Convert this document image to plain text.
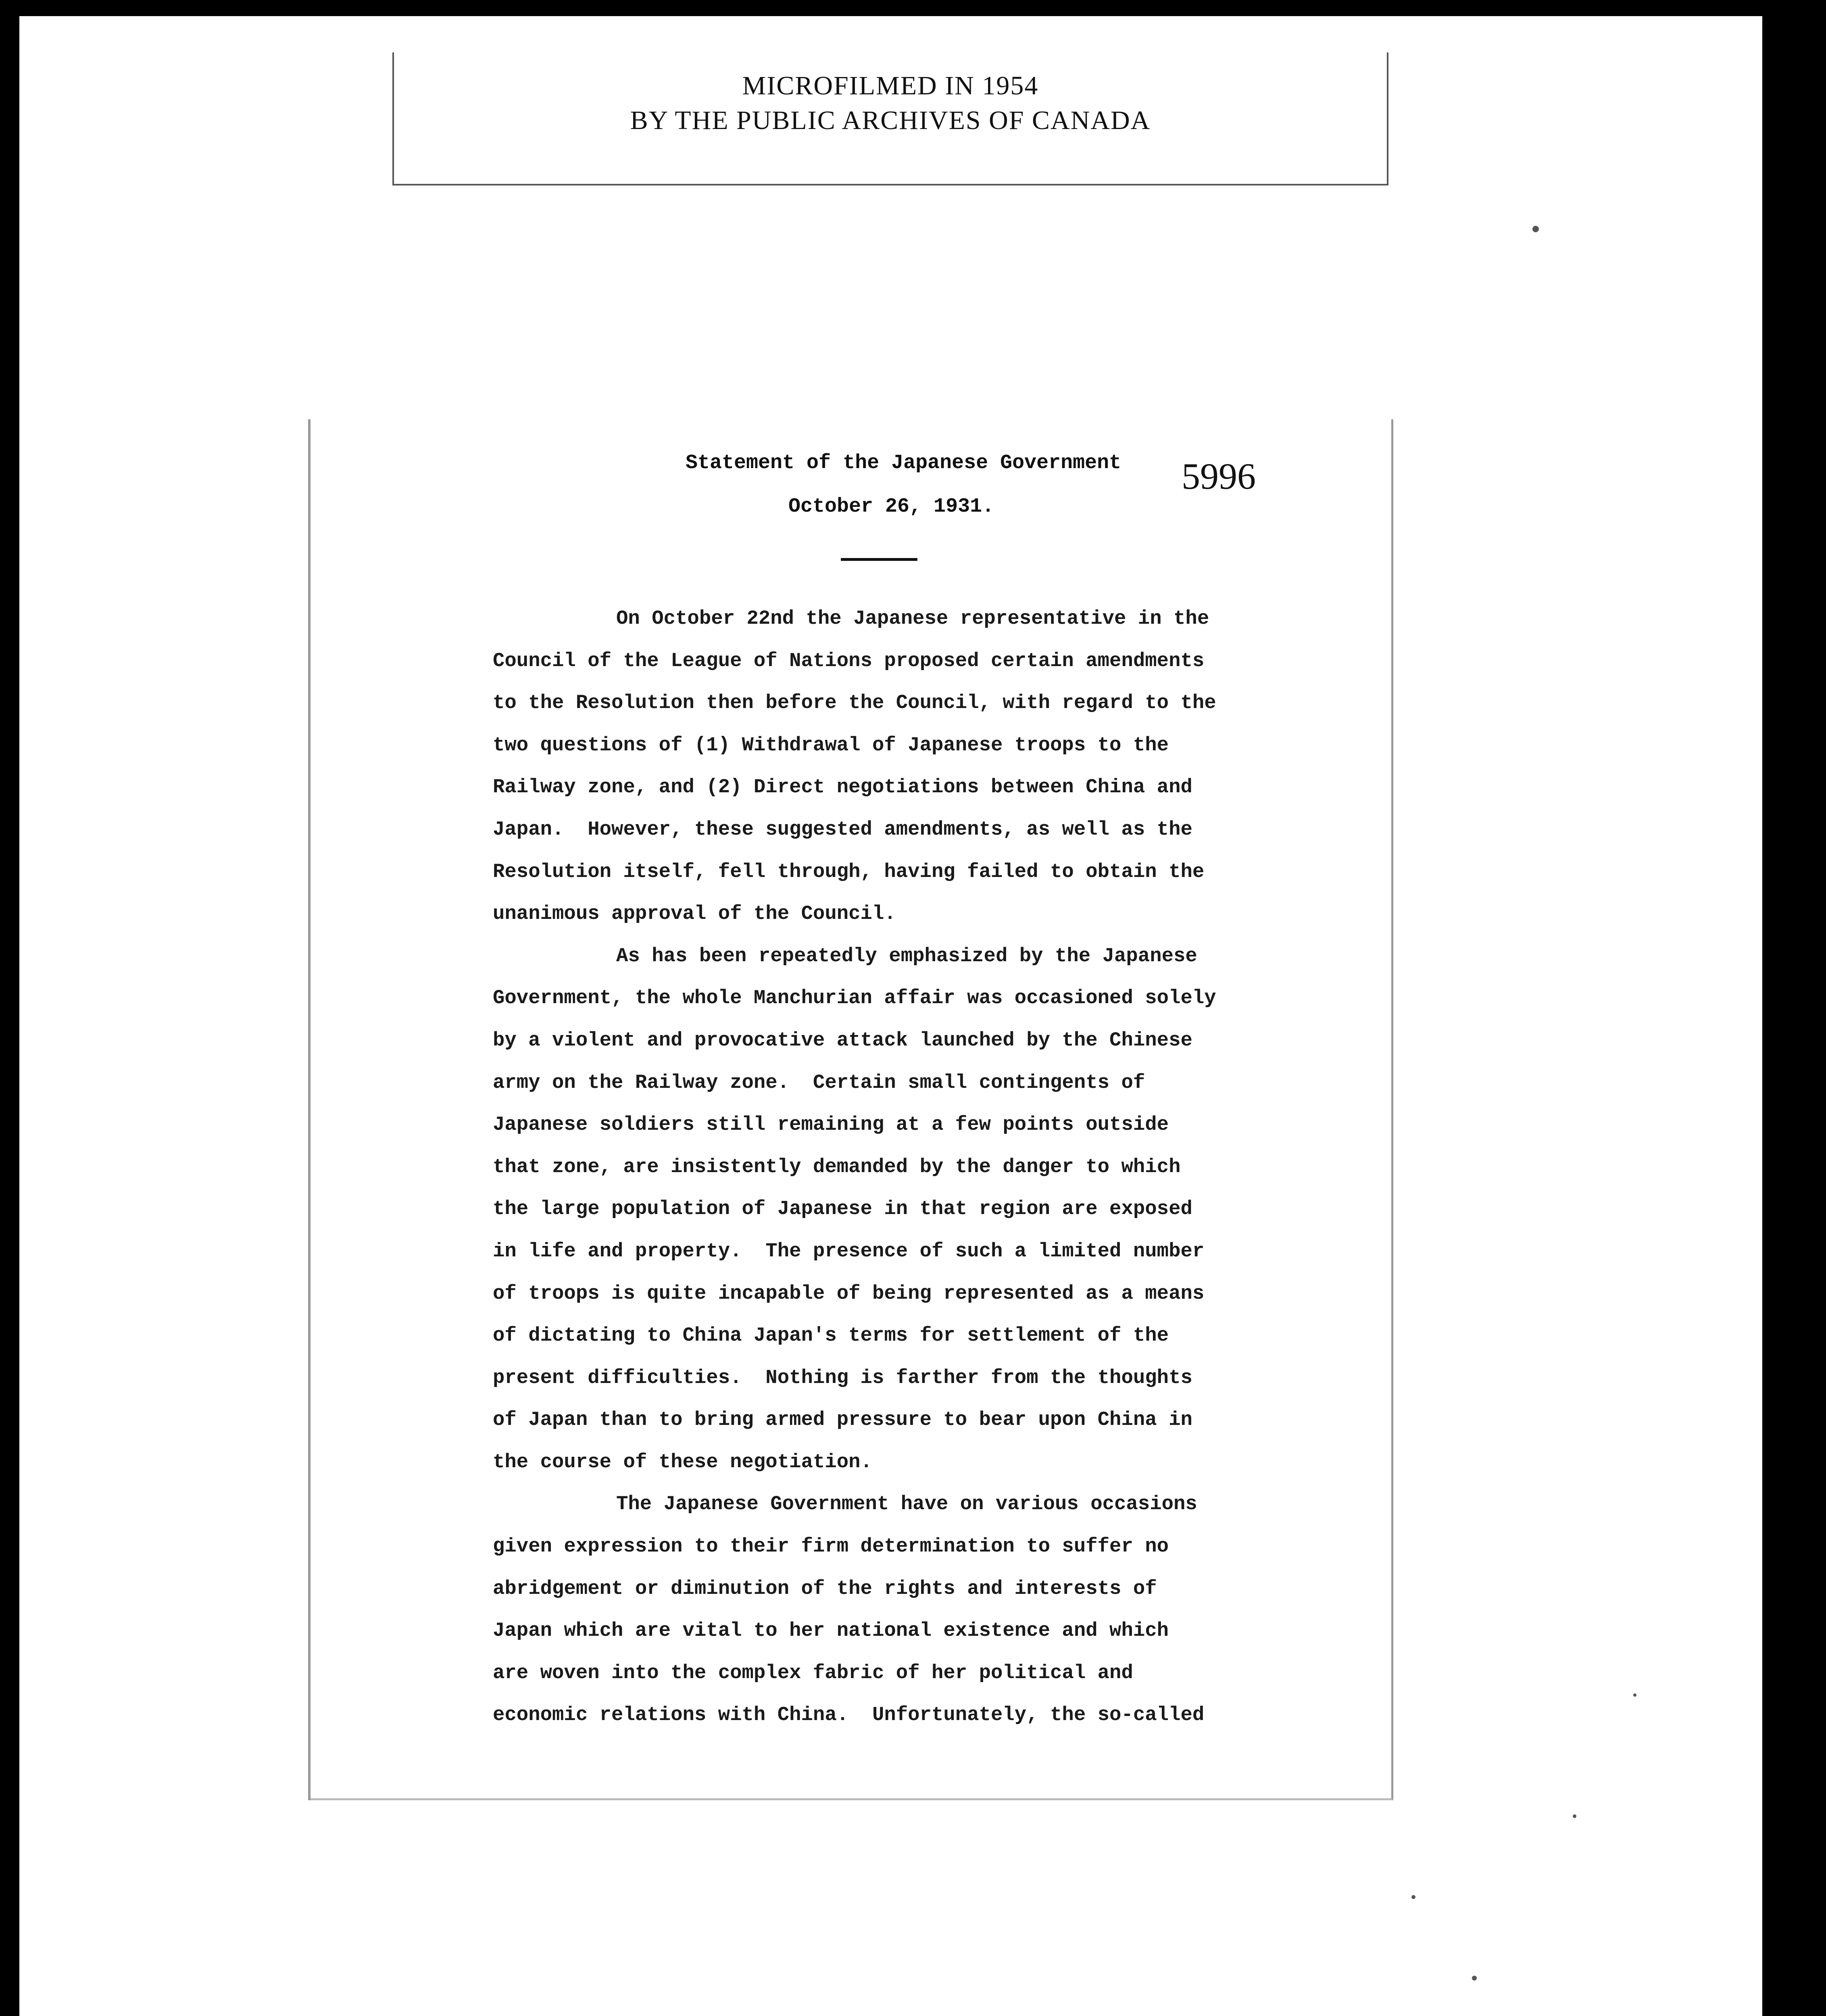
MICROFILMED IN 1954
BY THE PUBLIC ARCHIVES OF CANADA
Statement of the Japanese Government
October 26, 1931.
5996
On October 22nd the Japanese representative in the
Council of the League of Nations proposed certain amendments
to the Resolution then before the Council, with regard to the
two questions of (1) Withdrawal of Japanese troops to the
Railway zone, and (2) Direct negotiations between China and
Japan.  However, these suggested amendments, as well as the
Resolution itself, fell through, having failed to obtain the
unanimous approval of the Council.
As has been repeatedly emphasized by the Japanese
Government, the whole Manchurian affair was occasioned solely
by a violent and provocative attack launched by the Chinese
army on the Railway zone.  Certain small contingents of
Japanese soldiers still remaining at a few points outside
that zone, are insistently demanded by the danger to which
the large population of Japanese in that region are exposed
in life and property.  The presence of such a limited number
of troops is quite incapable of being represented as a means
of dictating to China Japan's terms for settlement of the
present difficulties.  Nothing is farther from the thoughts
of Japan than to bring armed pressure to bear upon China in
the course of these negotiation.
The Japanese Government have on various occasions
given expression to their firm determination to suffer no
abridgement or diminution of the rights and interests of
Japan which are vital to her national existence and which
are woven into the complex fabric of her political and
economic relations with China.  Unfortunately, the so-called
